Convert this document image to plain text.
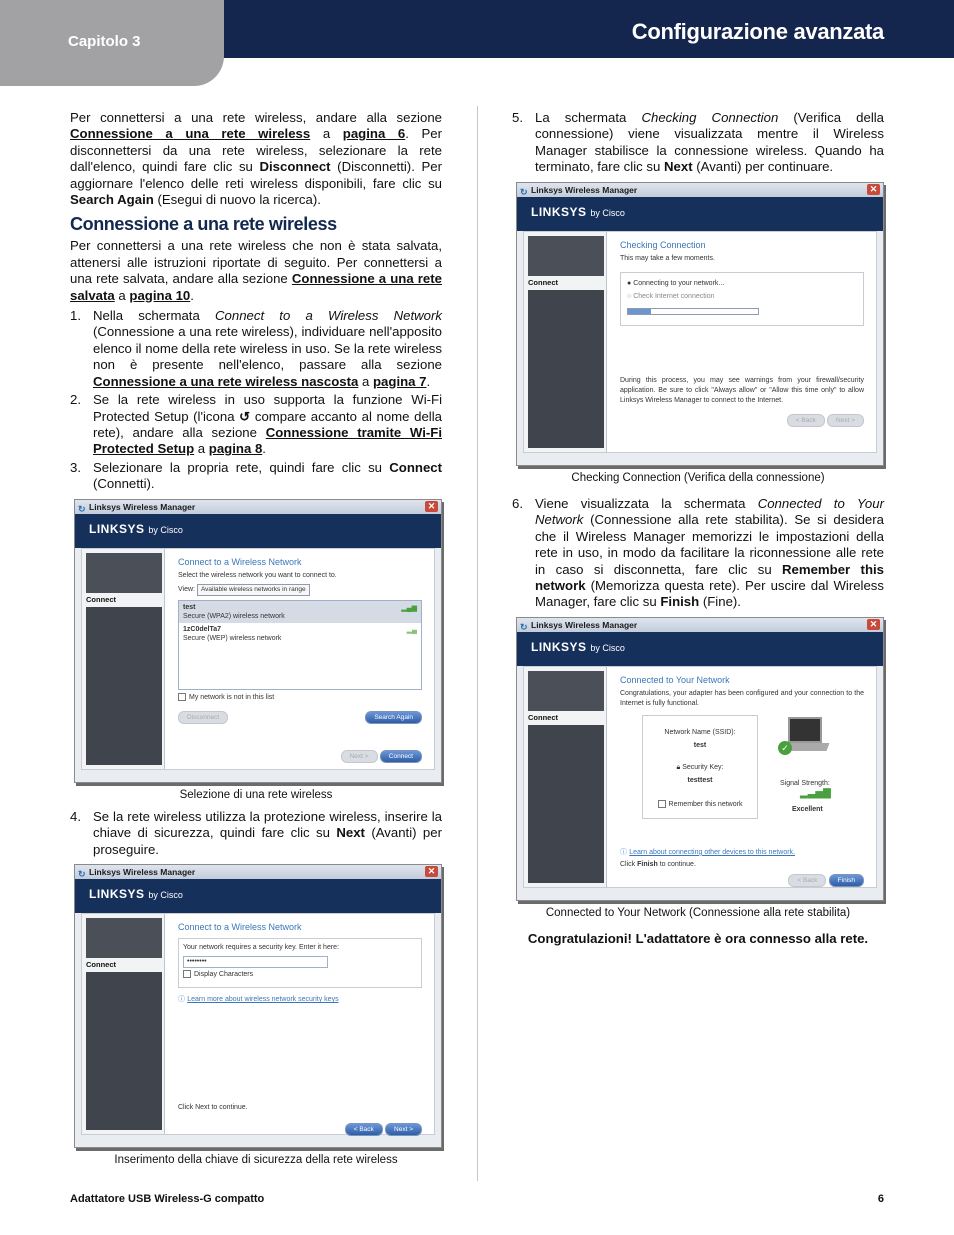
Capitolo 3	Configurazione avanzata

Per connettersi a una rete wireless, andare alla sezione Connessione a una rete wireless a pagina 6. Per disconnettersi da una rete wireless, selezionare la rete dall'elenco, quindi fare clic su Disconnect (Disconnetti). Per aggiornare l'elenco delle reti wireless disponibili, fare clic su Search Again (Esegui di nuovo la ricerca).

Connessione a una rete wireless

Per connettersi a una rete wireless che non è stata salvata, attenersi alle istruzioni riportate di seguito. Per connettersi a una rete salvata, andare alla sezione Connessione a una rete salvata a pagina 10.

1. Nella schermata Connect to a Wireless Network (Connessione a una rete wireless), individuare nell'apposito elenco il nome della rete wireless in uso. Se la rete wireless non è presente nell'elenco, passare alla sezione Connessione a una rete wireless nascosta a pagina 7.
2. Se la rete wireless in uso supporta la funzione Wi-Fi Protected Setup (l'icona ↺ compare accanto al nome della rete), andare alla sezione Connessione tramite Wi-Fi Protected Setup a pagina 8.
3. Selezionare la propria rete, quindi fare clic su Connect (Connetti).
↻ Linksys Wireless Manager	✕
LINKSYS by Cisco
Connect
Connect to a Wireless Network
Select the wireless network you want to connect to.
View: Available wireless networks in range
test
Secure (WPA2) wireless network
▂▄▆
1zC0delTa7
Secure (WEP) wireless network
▂▄
My network is not in this list
Disconnect	Search Again
Next >	Connect
Selezione di una rete wireless
4. Se la rete wireless utilizza la protezione wireless, inserire la chiave di sicurezza, quindi fare clic su Next (Avanti) per proseguire.
↻ Linksys Wireless Manager	✕
LINKSYS by Cisco
Connect
Connect to a Wireless Network
Your network requires a security key. Enter it here:
••••••••
Display Characters
ⓘ Learn more about wireless network security keys
Click Next to continue.
< Back	Next >
Inserimento della chiave di sicurezza della rete wireless
5. La schermata Checking Connection (Verifica della connessione) viene visualizzata mentre il Wireless Manager stabilisce la connessione wireless. Quando ha terminato, fare clic su Next (Avanti) per continuare.
↻ Linksys Wireless Manager	✕
LINKSYS by Cisco
Connect
Checking Connection
This may take a few moments.
● Connecting to your network...
○ Check Internet connection
During this process, you may see warnings from your firewall/security application. Be sure to click "Always allow" or "Allow this time only" to allow Linksys Wireless Manager to connect to the Internet.
< Back	Next >
Checking Connection (Verifica della connessione)
6. Viene visualizzata la schermata Connected to Your Network (Connessione alla rete stabilita). Se si desidera che il Wireless Manager memorizzi le impostazioni della rete in uso, in modo da facilitare la riconnessione alle rete in caso si disconnetta, fare clic su Remember this network (Memorizza questa rete). Per uscire dal Wireless Manager, fare clic su Finish (Fine).
↻ Linksys Wireless Manager	✕
LINKSYS by Cisco
Connect
Connected to Your Network
Congratulations, your adapter has been configured and your connection to the Internet is fully functional.
Network Name (SSID):
test
🔒︎ Security Key:
testtest
Remember this network
✓
Signal Strength:
▂▃▅▇
Excellent
ⓘ Learn about connecting other devices to this network.
Click Finish to continue.
< Back	Finish
Connected to Your Network (Connessione alla rete stabilita)
Congratulazioni! L'adattatore è ora connesso alla rete.
Adattatore USB Wireless-G compatto	6
